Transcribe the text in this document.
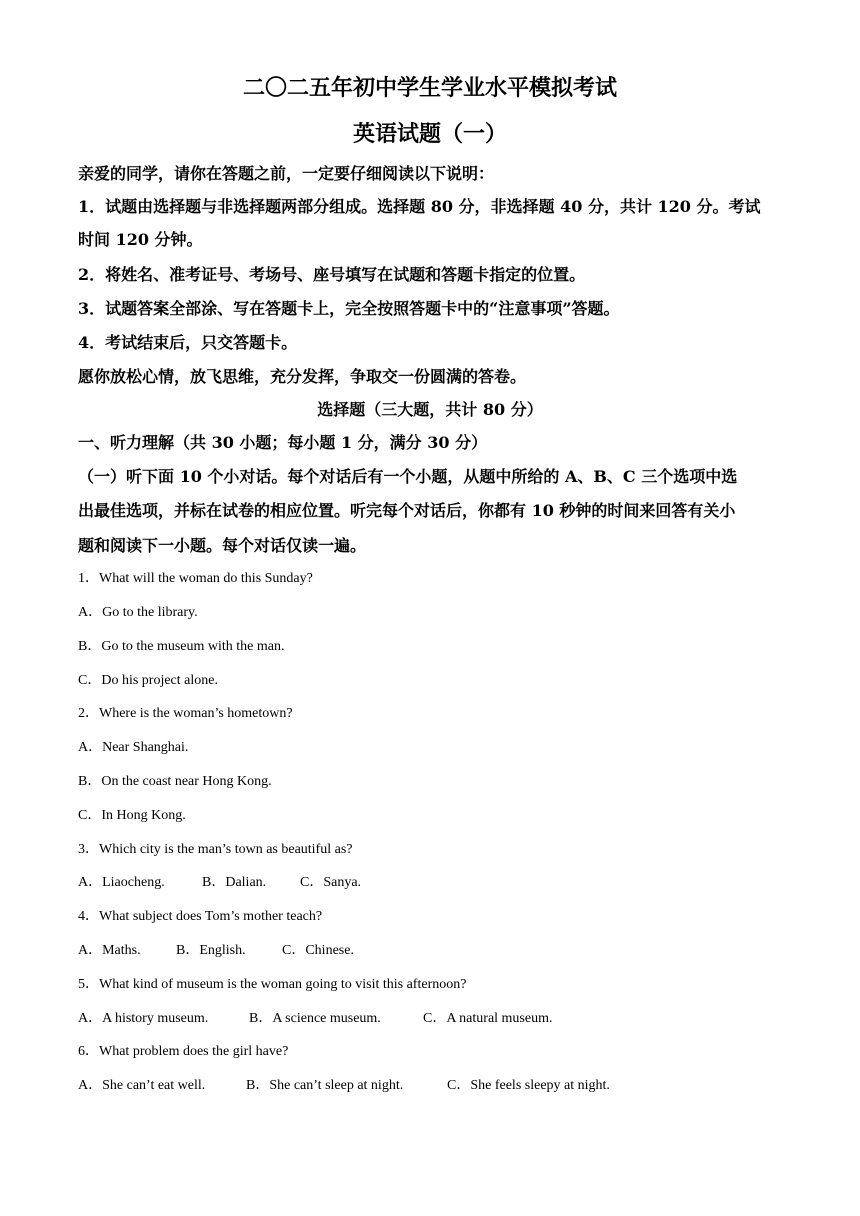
二〇二五年初中学生学业水平模拟考试
英语试题（一）
亲爱的同学，请你在答题之前，一定要仔细阅读以下说明：
1．试题由选择题与非选择题两部分组成。选择题 80 分，非选择题 40 分，共计 120 分。考试
时间 120 分钟。
2．将姓名、准考证号、考场号、座号填写在试题和答题卡指定的位置。
3．试题答案全部涂、写在答题卡上，完全按照答题卡中的“注意事项”答题。
4．考试结束后，只交答题卡。
愿你放松心情，放飞思维，充分发挥，争取交一份圆满的答卷。
选择题（三大题，共计 80 分）
一、听力理解（共 30 小题；每小题 1 分，满分 30 分）
（一）听下面 10 个小对话。每个对话后有一个小题，从题中所给的 A、B、C 三个选项中选
出最佳选项，并标在试卷的相应位置。听完每个对话后，你都有 10 秒钟的时间来回答有关小
题和阅读下一小题。每个对话仅读一遍。
1．What will the woman do this Sunday?
A．Go to the library.
B．Go to the museum with the man.
C．Do his project alone.
2．Where is the woman’s hometown?
A．Near Shanghai.
B．On the coast near Hong Kong.
C．In Hong Kong.
3．Which city is the man’s town as beautiful as?
A．Liaocheng.	B．Dalian. C．Sanya.
4．What subject does Tom’s mother teach?
A．Maths.	B．English.	C．Chinese.
5．What kind of museum is the woman going to visit this afternoon?
A．A history museum.	B．A science museum.	C．A natural museum.
6．What problem does the girl have?
A．She can’t eat well.	B．She can’t sleep at night.	C．She feels sleepy at night.
